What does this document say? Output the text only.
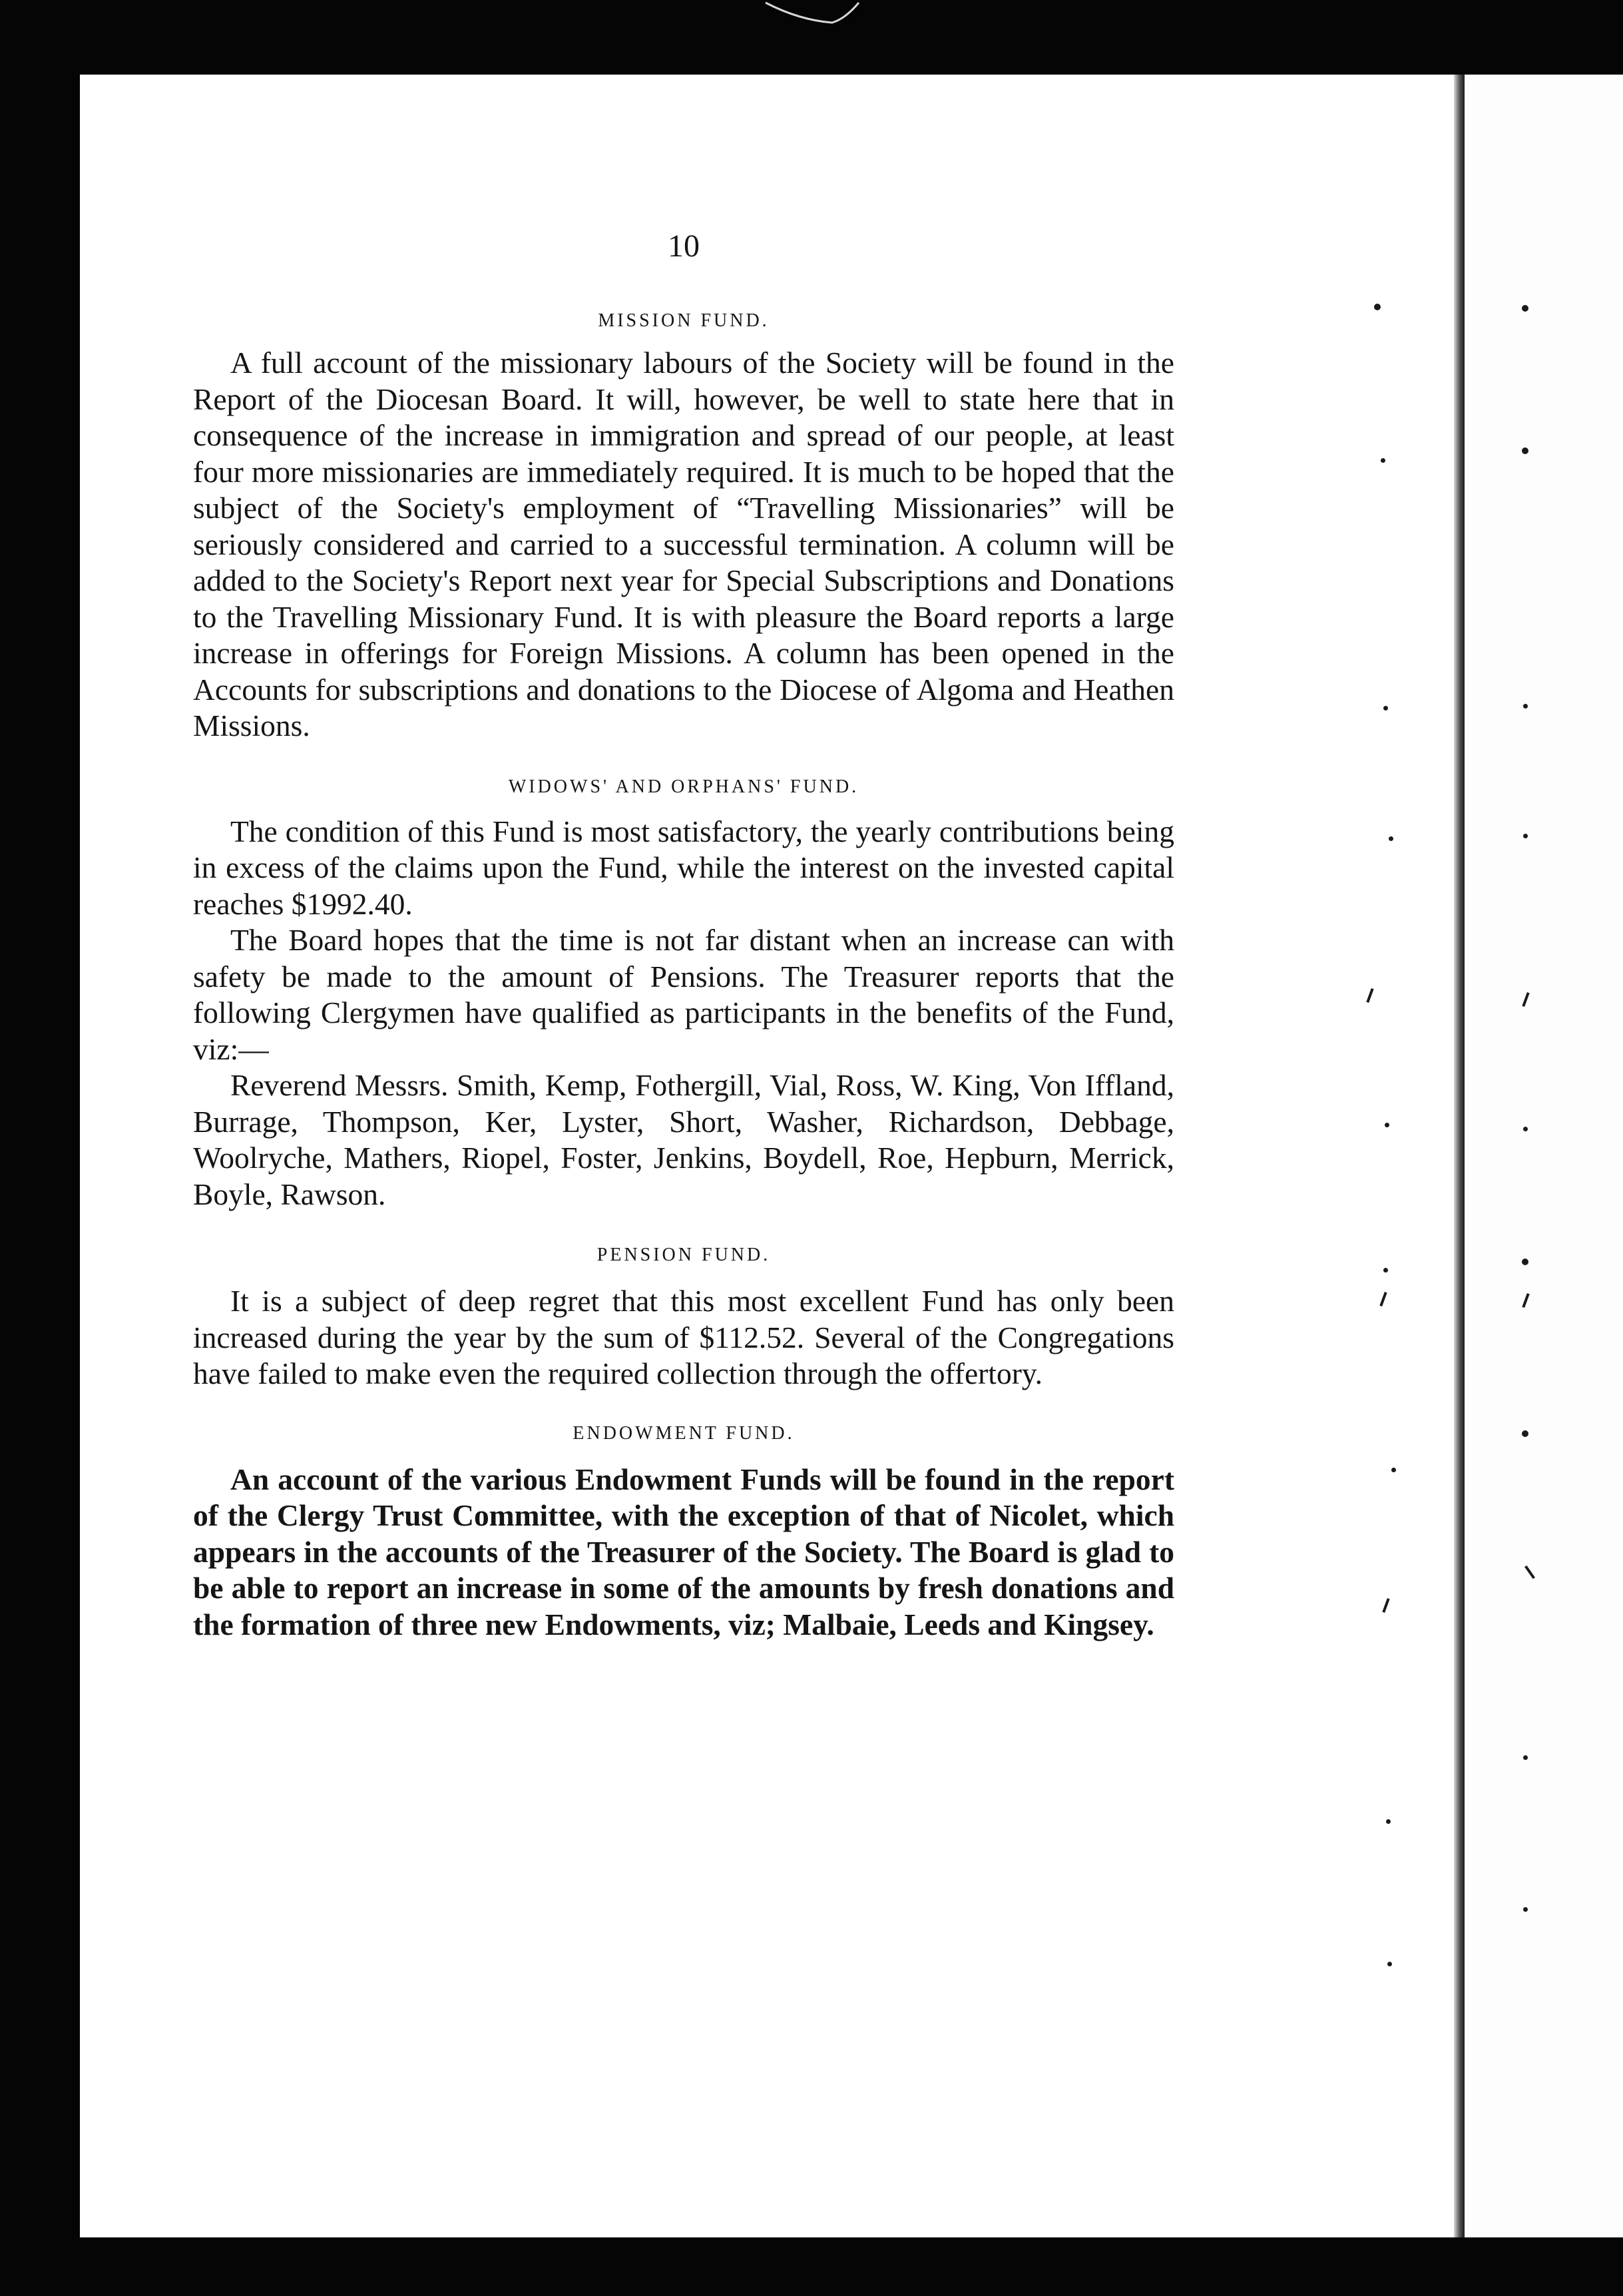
10
MISSION FUND.

A full account of the missionary labours of the Society will be found in the Report of the Diocesan Board. It will, however, be well to state here that in consequence of the increase in immigration and spread of our people, at least four more missionaries are immediately required. It is much to be hoped that the subject of the Society's employment of “Travelling Missionaries” will be seriously considered and carried to a successful termination. A column will be added to the Society's Report next year for Special Subscriptions and Donations to the Travelling Missionary Fund. It is with pleasure the Board reports a large increase in offerings for Foreign Missions. A column has been opened in the Accounts for subscriptions and donations to the Diocese of Algoma and Heathen Missions.

WIDOWS' AND ORPHANS' FUND.

The condition of this Fund is most satisfactory, the yearly contributions being in excess of the claims upon the Fund, while the interest on the invested capital reaches $1992.40.

The Board hopes that the time is not far distant when an increase can with safety be made to the amount of Pensions. The Treasurer reports that the following Clergymen have qualified as participants in the benefits of the Fund, viz:—

Reverend Messrs. Smith, Kemp, Fothergill, Vial, Ross, W. King, Von Iffland, Burrage, Thompson, Ker, Lyster, Short, Washer, Richardson, Debbage, Woolryche, Mathers, Riopel, Foster, Jenkins, Boydell, Roe, Hepburn, Merrick, Boyle, Rawson.

PENSION FUND.

It is a subject of deep regret that this most excellent Fund has only been increased during the year by the sum of $112.52. Several of the Congregations have failed to make even the required collection through the offertory.

ENDOWMENT FUND.

An account of the various Endowment Funds will be found in the report of the Clergy Trust Committee, with the exception of that of Nicolet, which appears in the accounts of the Treasurer of the Society. The Board is glad to be able to report an increase in some of the amounts by fresh donations and the formation of three new Endowments, viz; Malbaie, Leeds and Kingsey.
